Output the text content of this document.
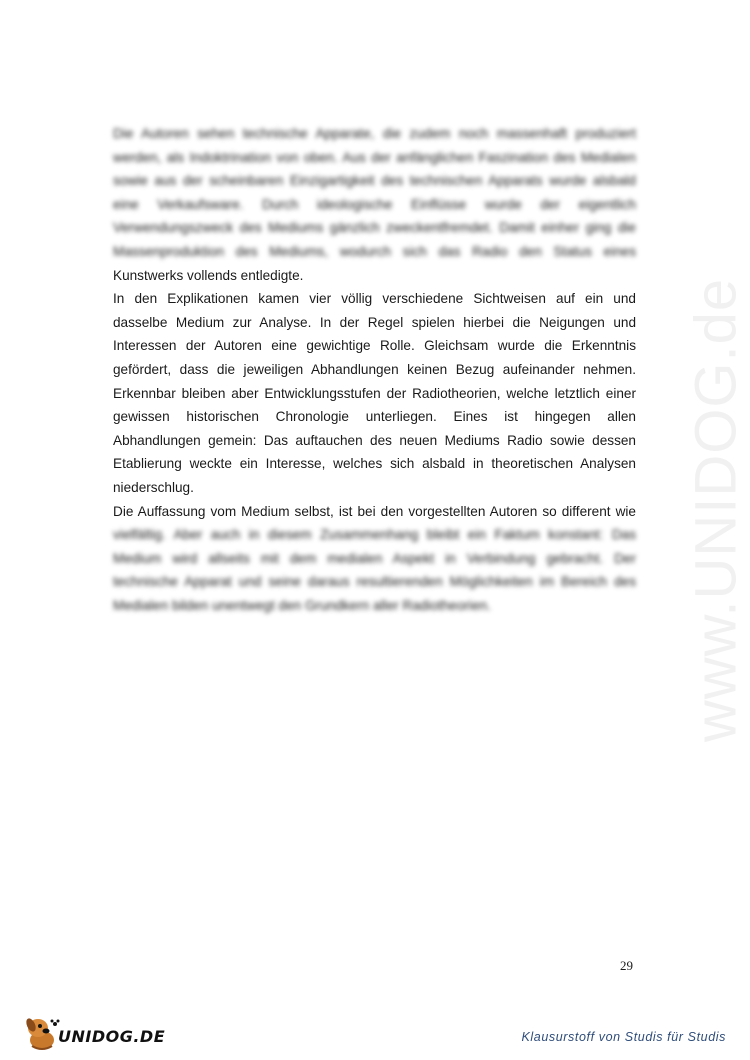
www.UNIDOG.de
Die Autoren sehen technische Apparate, die zudem noch massenhaft produziert
werden, als Indoktrination von oben. Aus der anfänglichen Faszination des Medialen
sowie aus der scheinbaren Einzigartigkeit des technischen Apparats wurde alsbald
eine Verkaufsware. Durch ideologische Einflüsse wurde der eigentlich
Verwendungszweck des Mediums gänzlich zweckentfremdet. Damit einher ging die
Massenproduktion des Mediums, wodurch sich das Radio den Status eines
Kunstwerks vollends entledigte.
In den Explikationen kamen vier völlig verschiedene Sichtweisen auf ein und
dasselbe Medium zur Analyse. In der Regel spielen hierbei die Neigungen und
Interessen der Autoren eine gewichtige Rolle. Gleichsam wurde die Erkenntnis
gefördert, dass die jeweiligen Abhandlungen keinen Bezug aufeinander nehmen.
Erkennbar bleiben aber Entwicklungsstufen der Radiotheorien, welche letztlich einer
gewissen historischen Chronologie unterliegen. Eines ist hingegen allen
Abhandlungen gemein: Das auftauchen des neuen Mediums Radio sowie dessen
Etablierung weckte ein Interesse, welches sich alsbald in theoretischen Analysen
niederschlug.
Die Auffassung vom Medium selbst, ist bei den vorgestellten Autoren so different wie
vielfältig. Aber auch in diesem Zusammenhang bleibt ein Faktum konstant: Das
Medium wird allseits mit dem medialen Aspekt in Verbindung gebracht. Der
technische Apparat und seine daraus resultierenden Möglichkeiten im Bereich des
Medialen bilden unentwegt den Grundkern aller Radiotheorien.
29
UNIDOG.DE	Klausurstoff von Studis für Studis
